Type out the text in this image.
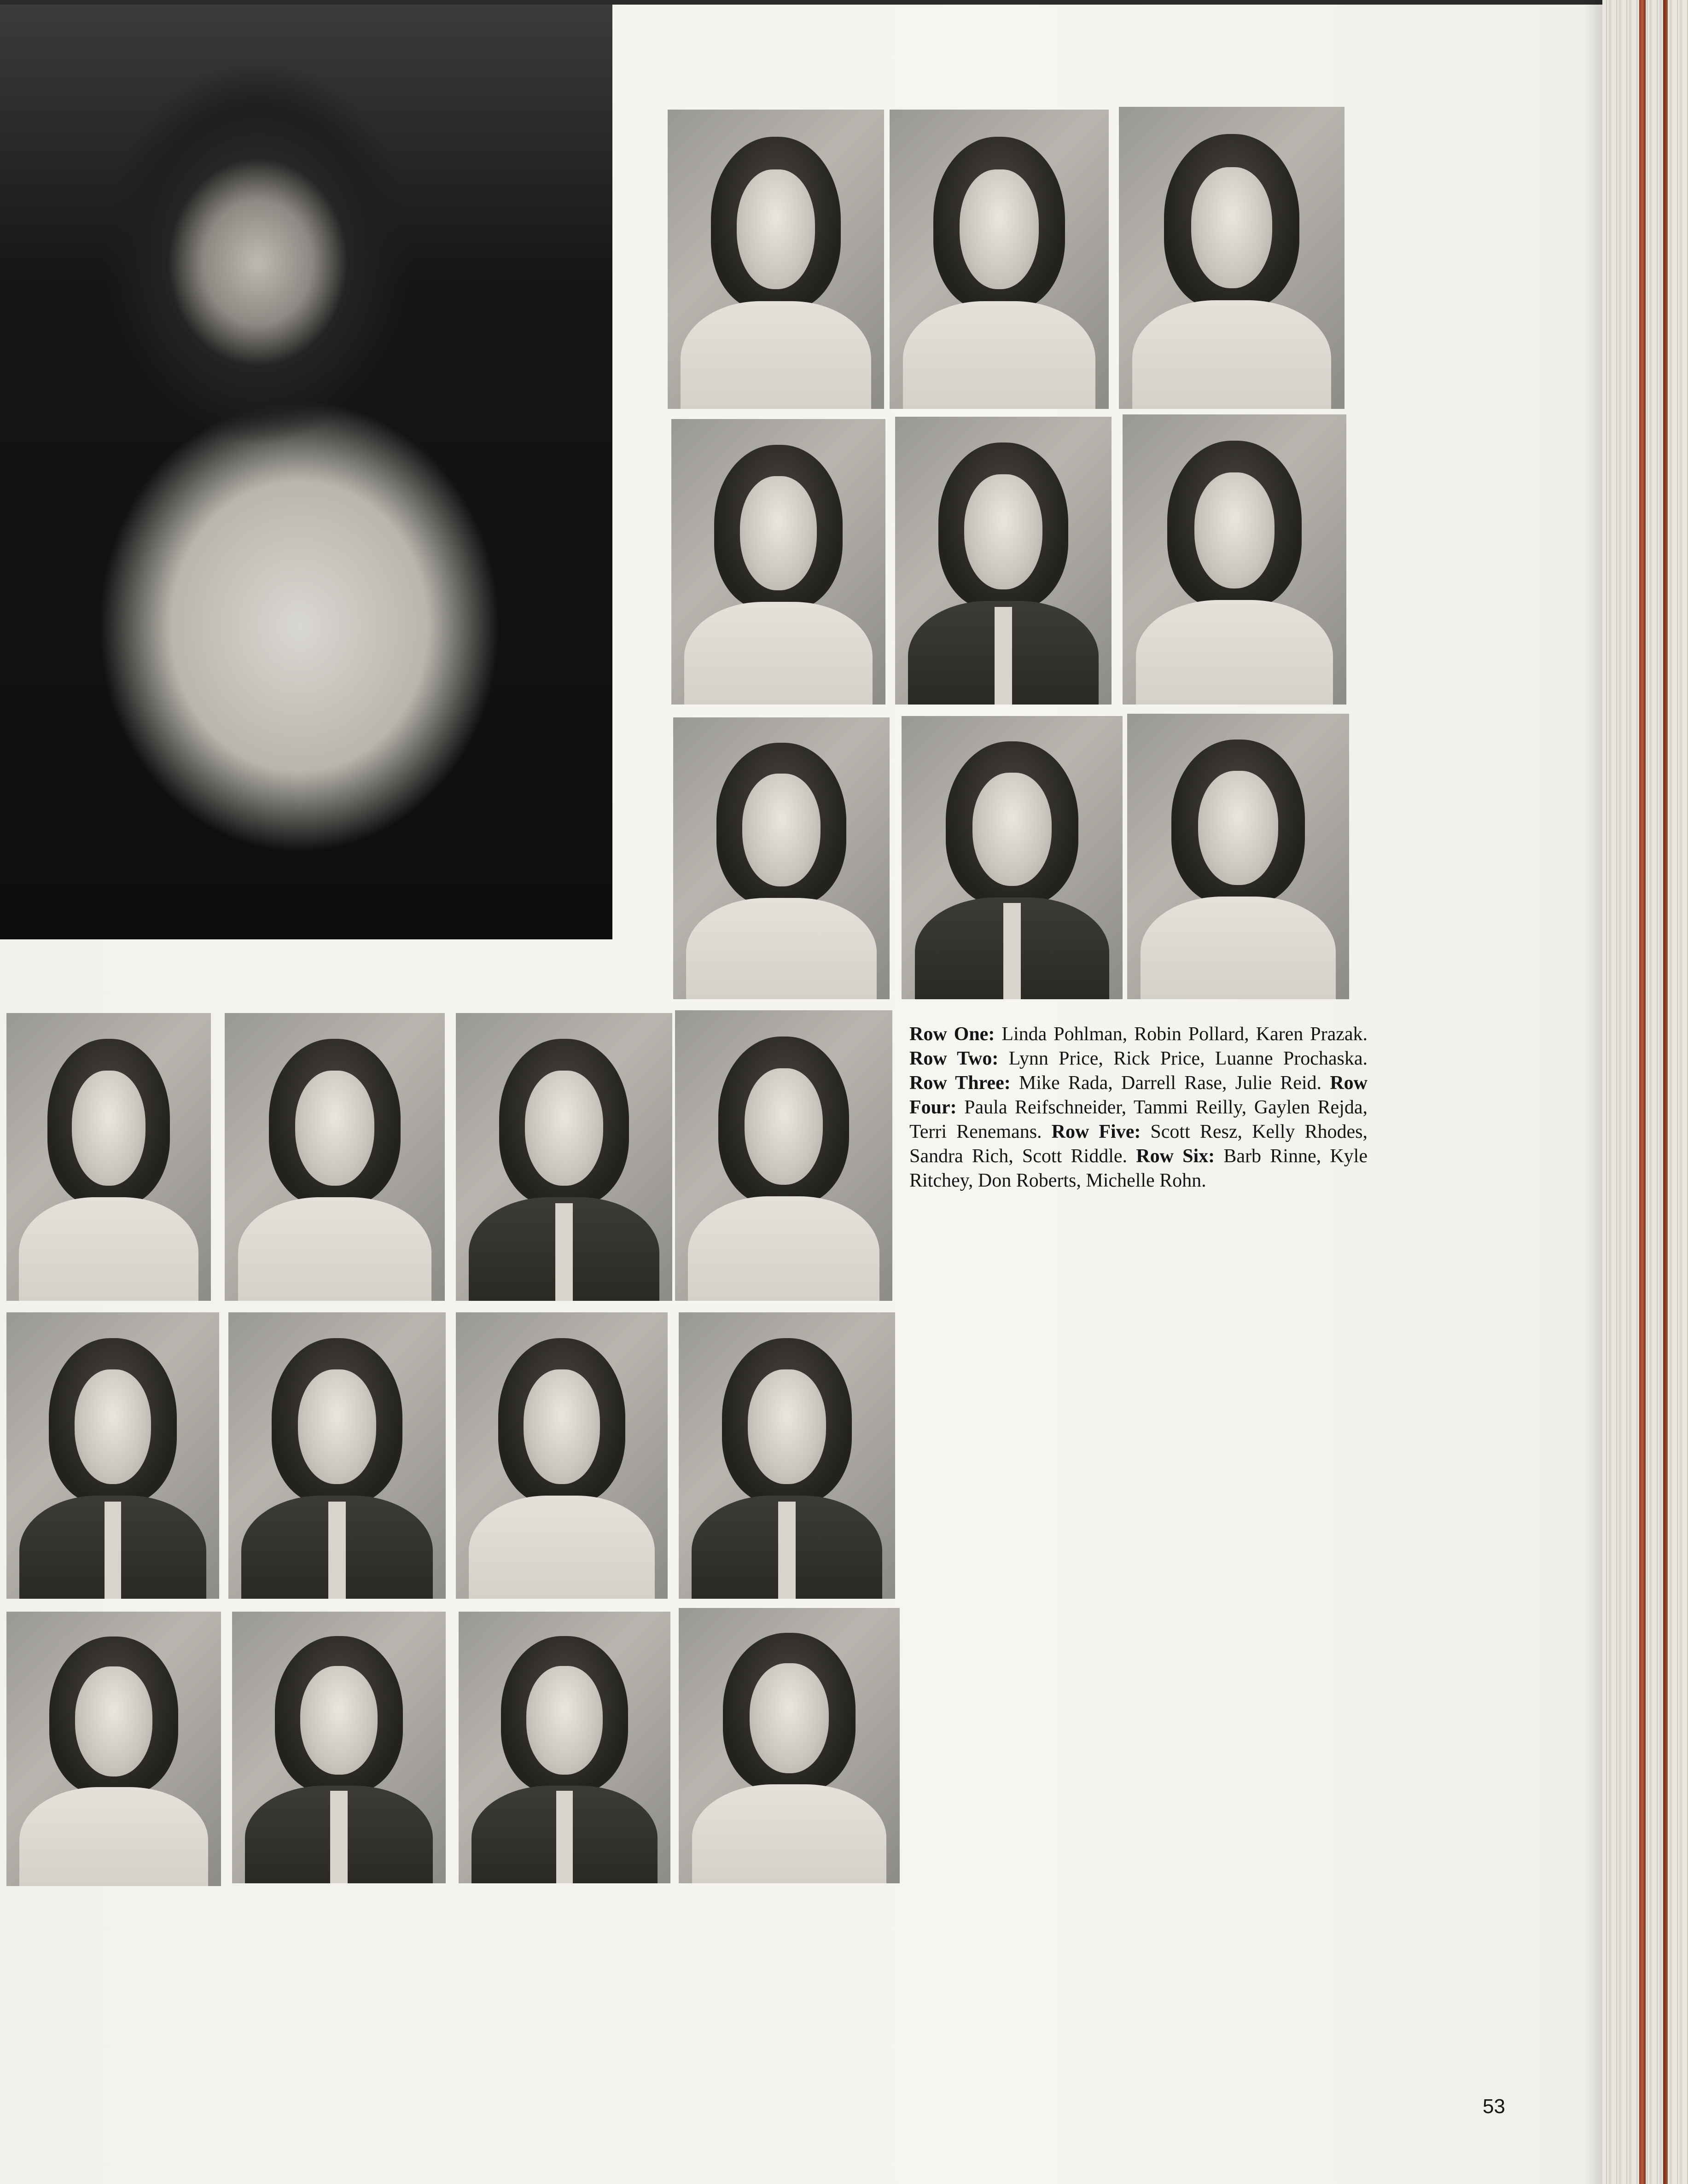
7
Row One: Linda Pohlman, Robin Pollard, Karen Prazak. Row Two: Lynn Price, Rick Price, Luanne Prochaska. Row Three: Mike Rada, Darrell Rase, Julie Reid. Row Four: Paula Reifschneider, Tammi Reilly, Gaylen Rejda, Terri Renemans. Row Five: Scott Resz, Kelly Rhodes, Sandra Rich, Scott Riddle. Row Six: Barb Rinne, Kyle Ritchey, Don Roberts, Michelle Rohn.
53
